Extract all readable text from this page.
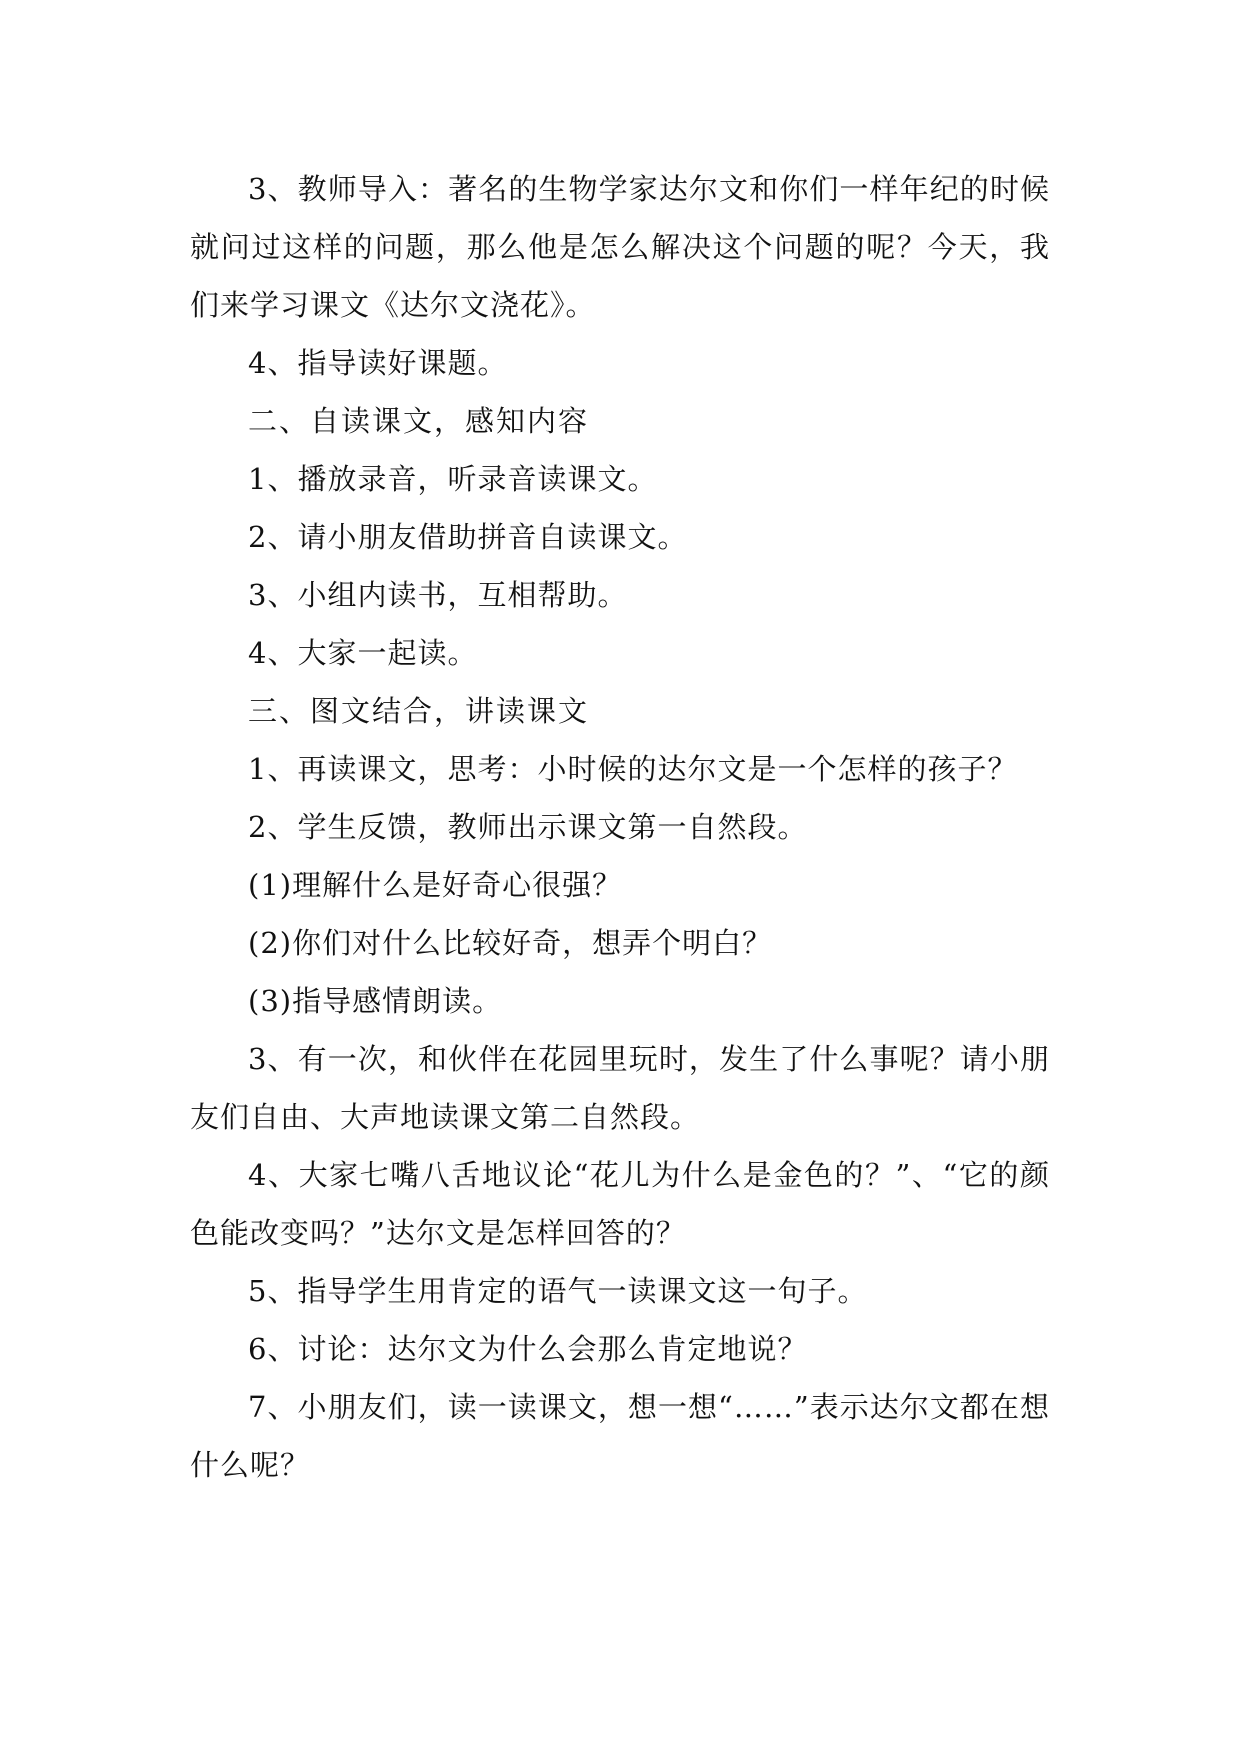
3、教师导入：著名的生物学家达尔文和你们一样年纪的时候就问过这样的问题，那么他是怎么解决这个问题的呢？今天，我们来学习课文《达尔文浇花》。

4、指导读好课题。

二、自读课文，感知内容

1、播放录音，听录音读课文。

2、请小朋友借助拼音自读课文。

3、小组内读书，互相帮助。

4、大家一起读。

三、图文结合，讲读课文

1、再读课文，思考：小时候的达尔文是一个怎样的孩子？

2、学生反馈，教师出示课文第一自然段。

(1)理解什么是好奇心很强？

(2)你们对什么比较好奇，想弄个明白？

(3)指导感情朗读。

3、有一次，和伙伴在花园里玩时，发生了什么事呢？请小朋友们自由、大声地读课文第二自然段。

4、大家七嘴八舌地议论“花儿为什么是金色的？”、“它的颜色能改变吗？”达尔文是怎样回答的？

5、指导学生用肯定的语气一读课文这一句子。

6、讨论：达尔文为什么会那么肯定地说？

7、小朋友们，读一读课文，想一想“……”表示达尔文都在想什么呢？
